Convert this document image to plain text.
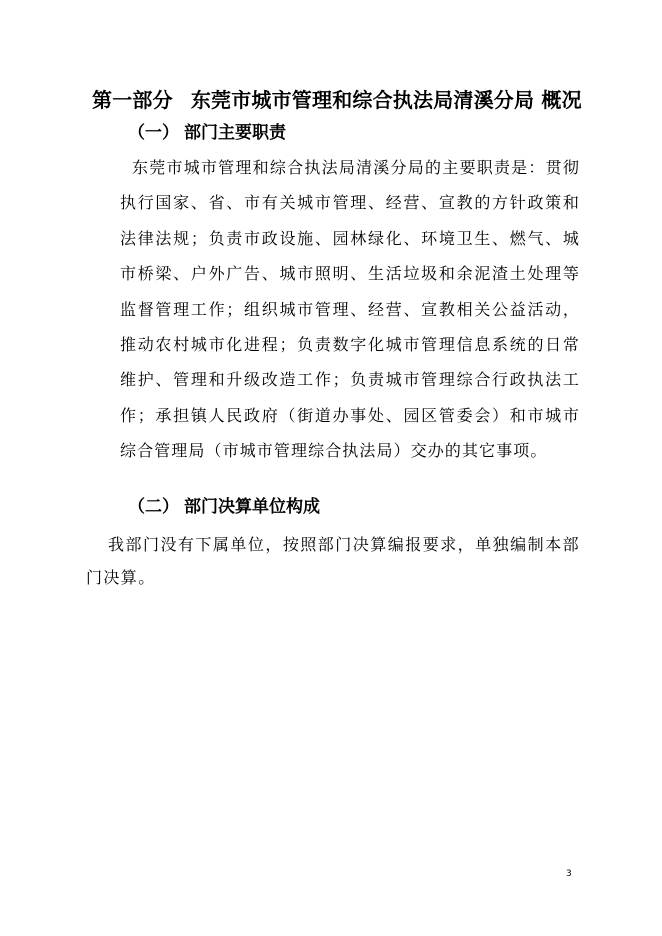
第一部分 东莞市城市管理和综合执法局清溪分局 概况
（一） 部门主要职责

东莞市城市管理和综合执法局清溪分局的主要职责是：贯彻执行国家、省、市有关城市管理、经营、宣教的方针政策和法律法规；负责市政设施、园林绿化、环境卫生、燃气、城市桥梁、户外广告、城市照明、生活垃圾和余泥渣土处理等监督管理工作；组织城市管理、经营、宣教相关公益活动，推动农村城市化进程；负责数字化城市管理信息系统的日常维护、管理和升级改造工作；负责城市管理综合行政执法工作；承担镇人民政府（街道办事处、园区管委会）和市城市综合管理局（市城市管理综合执法局）交办的其它事项。

（二） 部门决算单位构成

我部门没有下属单位，按照部门决算编报要求，单独编制本部门决算。

3
